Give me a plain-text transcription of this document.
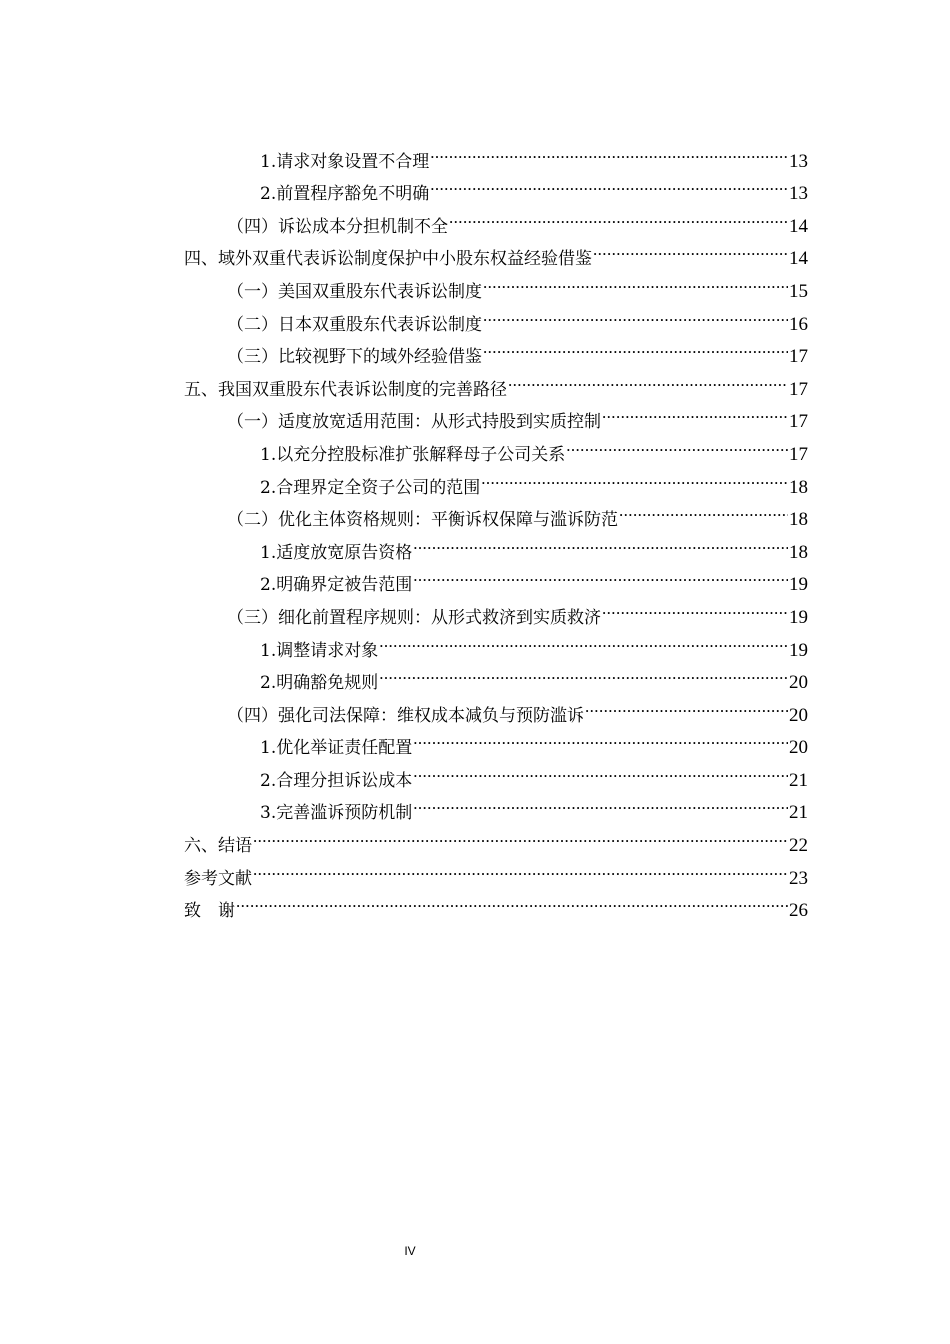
1.请求对象设置不合理 .....	13
2.前置程序豁免不明确 .....	13
（四）诉讼成本分担机制不全 .....	14
四、域外双重代表诉讼制度保护中小股东权益经验借鉴 .....	14
（一）美国双重股东代表诉讼制度 .....	15
（二）日本双重股东代表诉讼制度 .....	16
（三）比较视野下的域外经验借鉴 .....	17
五、我国双重股东代表诉讼制度的完善路径 .....	17
（一）适度放宽适用范围：从形式持股到实质控制 .....	17
1.以充分控股标准扩张解释母子公司关系 .....	17
2.合理界定全资子公司的范围 .....	18
（二）优化主体资格规则：平衡诉权保障与滥诉防范 .....	18
1.适度放宽原告资格 .....	18
2.明确界定被告范围 .....	19
（三）细化前置程序规则：从形式救济到实质救济 .....	19
1.调整请求对象 .....	19
2.明确豁免规则 .....	20
（四）强化司法保障：维权成本减负与预防滥诉 .....	20
1.优化举证责任配置 .....	20
2.合理分担诉讼成本 .....	21
3.完善滥诉预防机制 .....	21
六、结语 .....	22
参考文献 .....	23
致　谢 .....	26
IV
